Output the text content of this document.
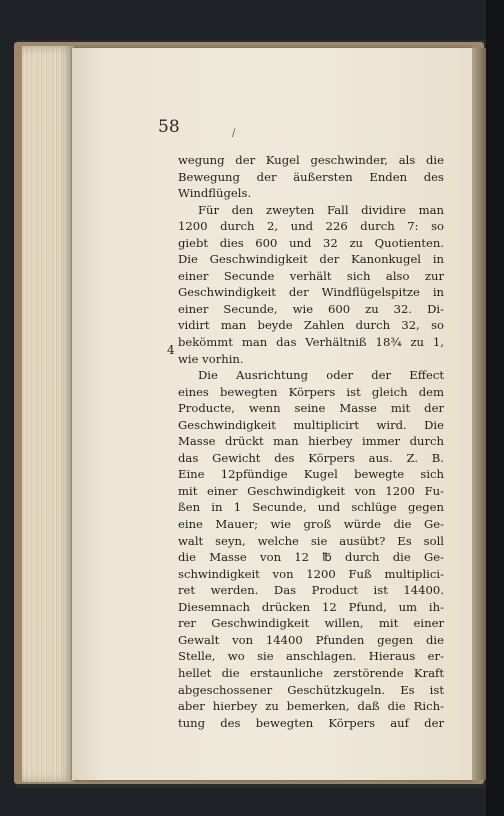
58	/
4
wegung der Kugel geschwinder, als die
Bewegung der äußersten Enden des
Windflügels.
Für den zweyten Fall dividire man
1200 durch 2, und 226 durch 7: so
giebt dies 600 und 32 zu Quotienten.
Die Geschwindigkeit der Kanonkugel in
einer Secunde verhält sich also zur
Geschwindigkeit der Windflügelspitze in
einer Secunde, wie 600 zu 32. Di-
vidirt man beyde Zahlen durch 32, so
bekömmt man das Verhältniß 18¾ zu 1,
wie vorhin.
Die Ausrichtung oder der Effect
eines bewegten Körpers ist gleich dem
Producte, wenn seine Masse mit der
Geschwindigkeit multiplicirt wird. Die
Masse drückt man hierbey immer durch
das Gewicht des Körpers aus. Z. B.
Eine 12pfündige Kugel bewegte sich
mit einer Geschwindigkeit von 1200 Fu-
ßen in 1 Secunde, und schlüge gegen
eine Mauer; wie groß würde die Ge-
walt seyn, welche sie ausübt? Es soll
die Masse von 12 ℔ durch die Ge-
schwindigkeit von 1200 Fuß multiplici-
ret werden. Das Product ist 14400.
Diesemnach drücken 12 Pfund, um ih-
rer Geschwindigkeit willen, mit einer
Gewalt von 14400 Pfunden gegen die
Stelle, wo sie anschlagen. Hieraus er-
hellet die erstaunliche zerstörende Kraft
abgeschossener Geschützkugeln. Es ist
aber hierbey zu bemerken, daß die Rich-
tung des bewegten Körpers auf der
